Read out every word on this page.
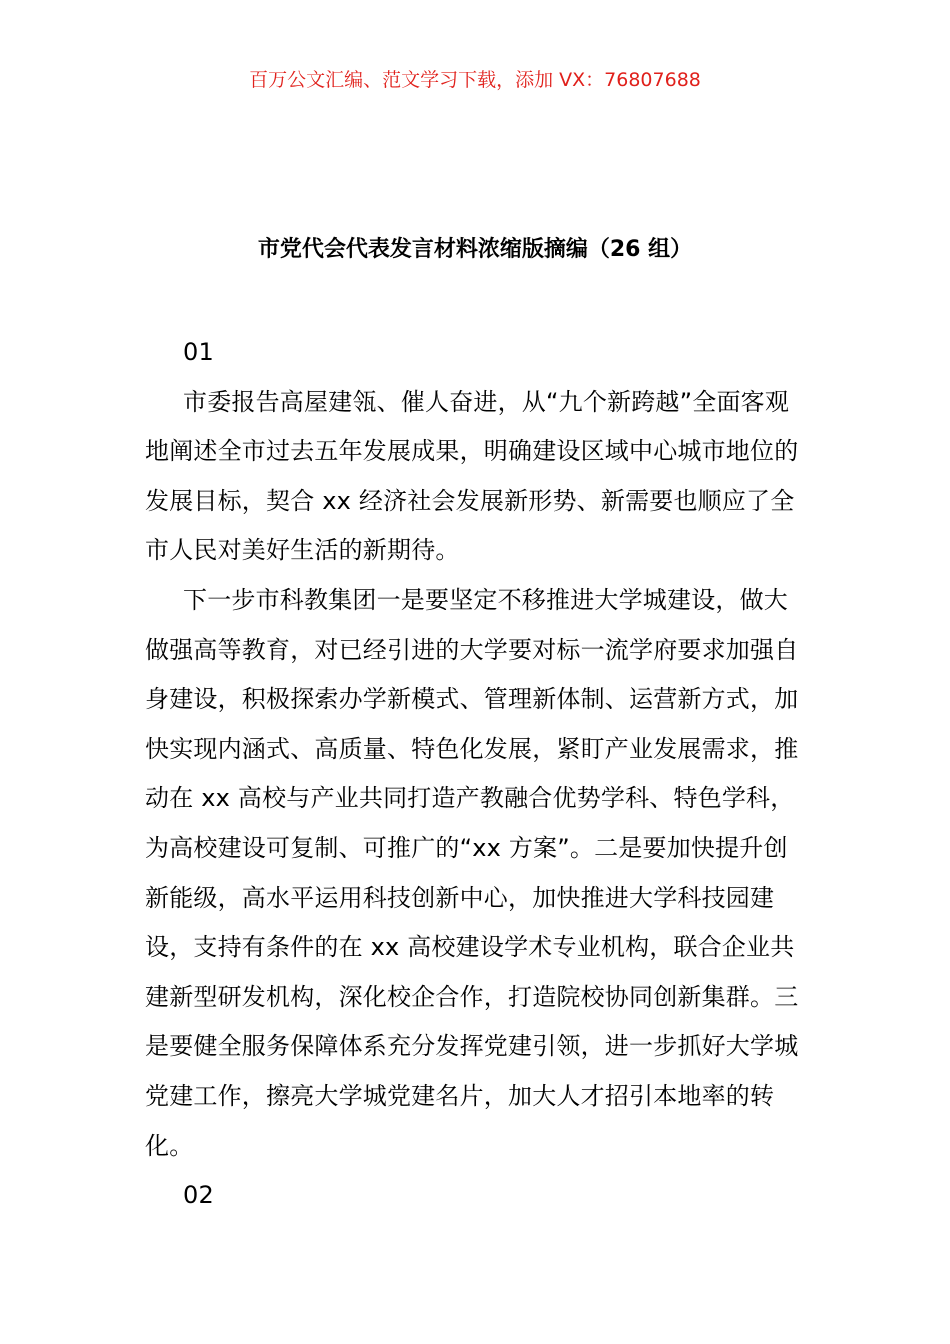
百万公文汇编、范文学习下载，添加 VX：76807688
市党代会代表发言材料浓缩版摘编（26 组）

01

市委报告高屋建瓴、催人奋进，从“九个新跨越”全面客观地阐述全市过去五年发展成果，明确建设区域中心城市地位的发展目标，契合 xx 经济社会发展新形势、新需要也顺应了全市人民对美好生活的新期待。

下一步市科教集团一是要坚定不移推进大学城建设，做大做强高等教育，对已经引进的大学要对标一流学府要求加强自身建设，积极探索办学新模式、管理新体制、运营新方式，加快实现内涵式、高质量、特色化发展，紧盯产业发展需求，推动在 xx 高校与产业共同打造产教融合优势学科、特色学科，为高校建设可复制、可推广的“xx 方案”。二是要加快提升创新能级，高水平运用科技创新中心，加快推进大学科技园建设，支持有条件的在 xx 高校建设学术专业机构，联合企业共建新型研发机构，深化校企合作，打造院校协同创新集群。三是要健全服务保障体系充分发挥党建引领，进一步抓好大学城党建工作，擦亮大学城党建名片，加大人才招引本地率的转化。

02
